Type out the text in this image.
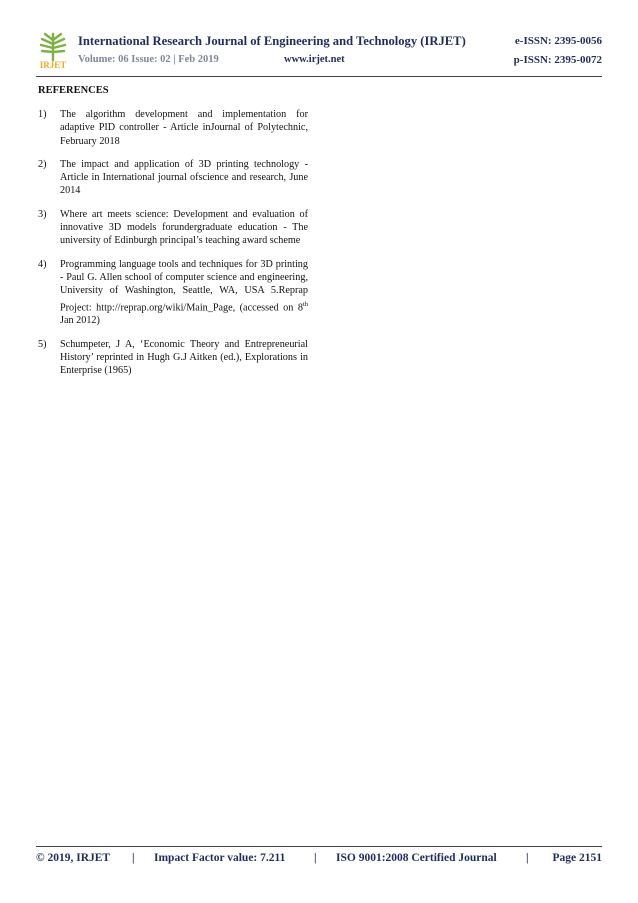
IRJET
International Research Journal of Engineering and Technology (IRJET)	e-ISSN: 2395-0056
Volume: 06 Issue: 02 | Feb 2019	www.irjet.net	p-ISSN: 2395-0072
REFERENCES
1)	The algorithm development and implementation for adaptive PID controller - Article inJournal of Polytechnic, February 2018
2)	The impact and application of 3D printing technology - Article in International journal ofscience and research, June 2014
3)	Where art meets science: Development and evaluation of innovative 3D models forundergraduate education - The university of Edinburgh principal’s teaching award scheme
4)	Programming language tools and techniques for 3D printing - Paul G. Allen school of computer science and engineering, University of Washington, Seattle, WA, USA 5.Reprap Project: http://reprap.org/wiki/Main_Page, (accessed on 8th Jan 2012)
5)	Schumpeter, J A, ‘Economic Theory and Entrepreneurial History’ reprinted in Hugh G.J Aitken (ed.), Explorations in Enterprise (1965)
© 2019, IRJET | Impact Factor value: 7.211 | ISO 9001:2008 Certified Journal	| Page 2151
